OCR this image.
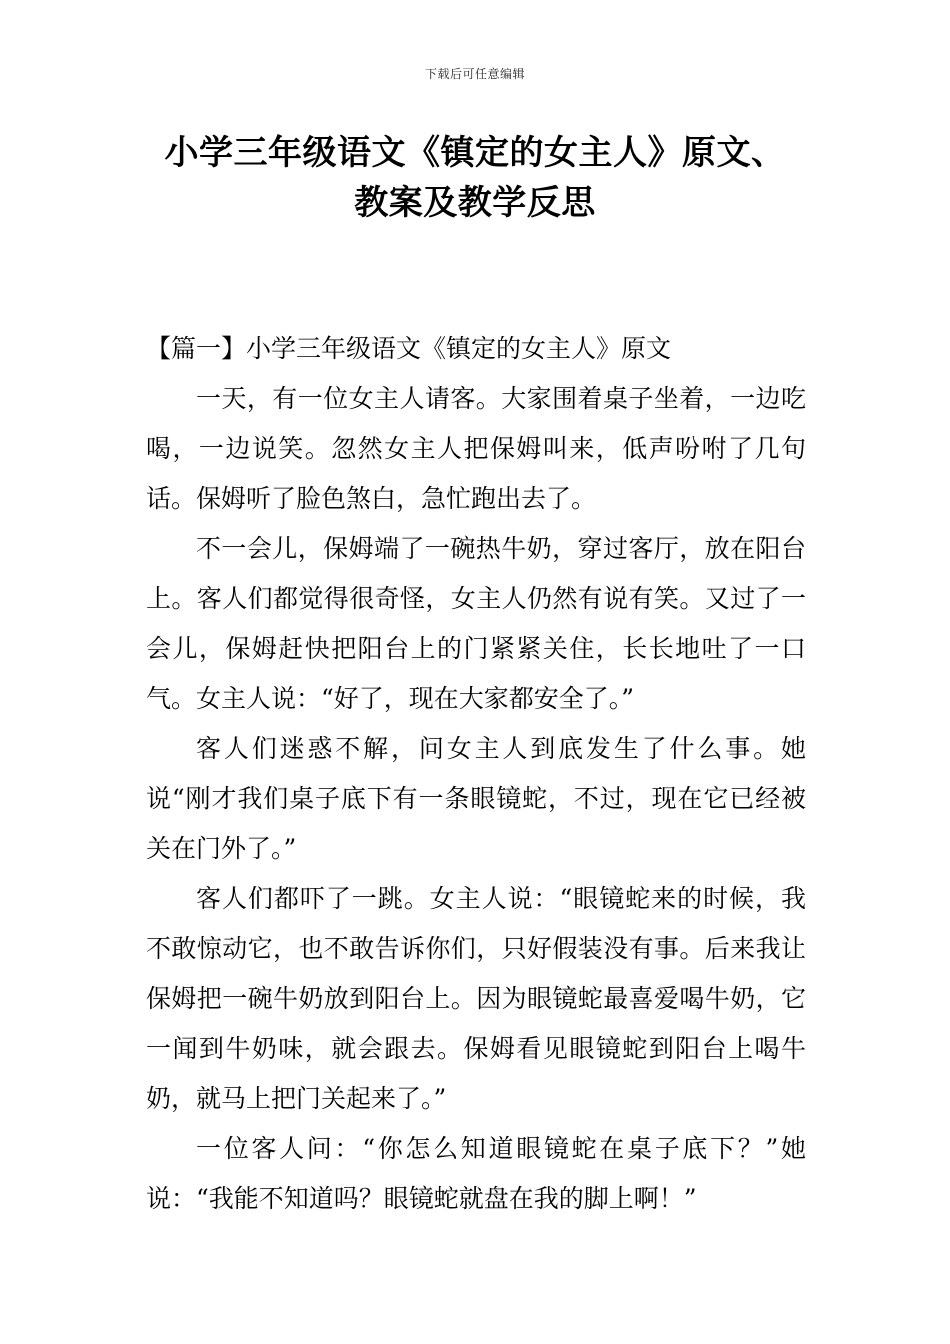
下载后可任意编辑
小学三年级语文《镇定的女主人》原文、
教案及教学反思

【篇一】小学三年级语文《镇定的女主人》原文

一天，有一位女主人请客。大家围着桌子坐着，一边吃喝，一边说笑。忽然女主人把保姆叫来，低声吩咐了几句话。保姆听了脸色煞白，急忙跑出去了。

不一会儿，保姆端了一碗热牛奶，穿过客厅，放在阳台上。客人们都觉得很奇怪，女主人仍然有说有笑。又过了一会儿，保姆赶快把阳台上的门紧紧关住，长长地吐了一口气。女主人说：“好了，现在大家都安全了。”

客人们迷惑不解，问女主人到底发生了什么事。她说“刚才我们桌子底下有一条眼镜蛇，不过，现在它已经被关在门外了。”

客人们都吓了一跳。女主人说：“眼镜蛇来的时候，我不敢惊动它，也不敢告诉你们，只好假装没有事。后来我让保姆把一碗牛奶放到阳台上。因为眼镜蛇最喜爱喝牛奶，它一闻到牛奶味，就会跟去。保姆看见眼镜蛇到阳台上喝牛奶，就马上把门关起来了。”

一位客人问：“你怎么知道眼镜蛇在桌子底下？”她说：“我能不知道吗？眼镜蛇就盘在我的脚上啊！”
